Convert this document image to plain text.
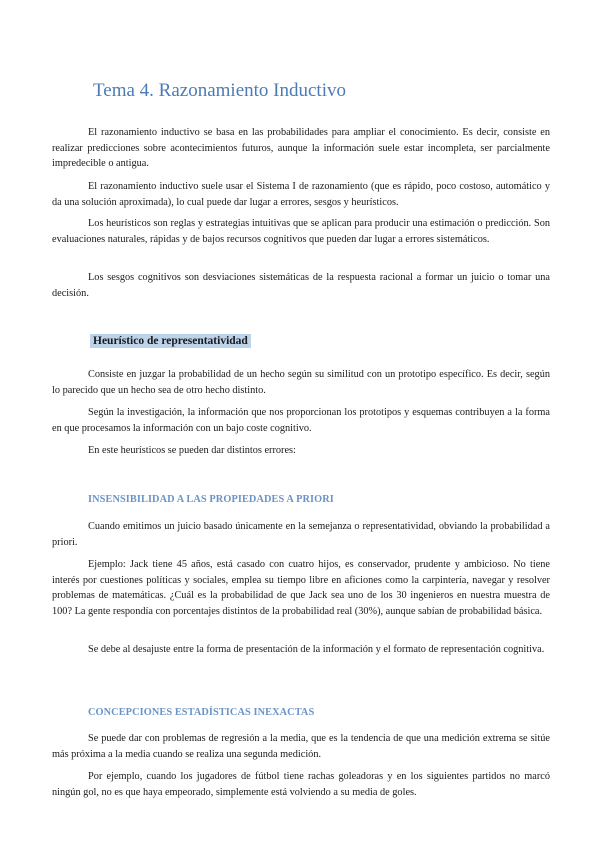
Tema 4. Razonamiento Inductivo

El razonamiento inductivo se basa en las probabilidades para ampliar el conocimiento. Es decir, consiste en realizar predicciones sobre acontecimientos futuros, aunque la información suele estar incompleta, ser parcialmente impredecible o antigua.

El razonamiento inductivo suele usar el Sistema I de razonamiento (que es rápido, poco costoso, automático y da una solución aproximada), lo cual puede dar lugar a errores, sesgos y heurísticos.

Los heurísticos son reglas y estrategias intuitivas que se aplican para producir una estimación o predicción. Son evaluaciones naturales, rápidas y de bajos recursos cognitivos que pueden dar lugar a errores sistemáticos.

Los sesgos cognitivos son desviaciones sistemáticas de la respuesta racional a formar un juicio o tomar una decisión.

Heurístico de representatividad

Consiste en juzgar la probabilidad de un hecho según su similitud con un prototipo específico. Es decir, según lo parecido que un hecho sea de otro hecho distinto.

Según la investigación, la información que nos proporcionan los prototipos y esquemas contribuyen a la forma en que procesamos la información con un bajo coste cognitivo.

En este heurísticos se pueden dar distintos errores:

INSENSIBILIDAD A LAS PROPIEDADES A PRIORI

Cuando emitimos un juicio basado únicamente en la semejanza o representatividad, obviando la probabilidad a priori.

Ejemplo: Jack tiene 45 años, está casado con cuatro hijos, es conservador, prudente y ambicioso. No tiene interés por cuestiones políticas y sociales, emplea su tiempo libre en aficiones como la carpintería, navegar y resolver problemas de matemáticas. ¿Cuál es la probabilidad de que Jack sea uno de los 30 ingenieros en nuestra muestra de 100? La gente respondía con porcentajes distintos de la probabilidad real (30%), aunque sabían de probabilidad básica.

Se debe al desajuste entre la forma de presentación de la información y el formato de representación cognitiva.

CONCEPCIONES ESTADÍSTICAS INEXACTAS

Se puede dar con problemas de regresión a la media, que es la tendencia de que una medición extrema se sitúe más próxima a la media cuando se realiza una segunda medición.

Por ejemplo, cuando los jugadores de fútbol tiene rachas goleadoras y en los siguientes partidos no marcó ningún gol, no es que haya empeorado, simplemente está volviendo a su media de goles.
